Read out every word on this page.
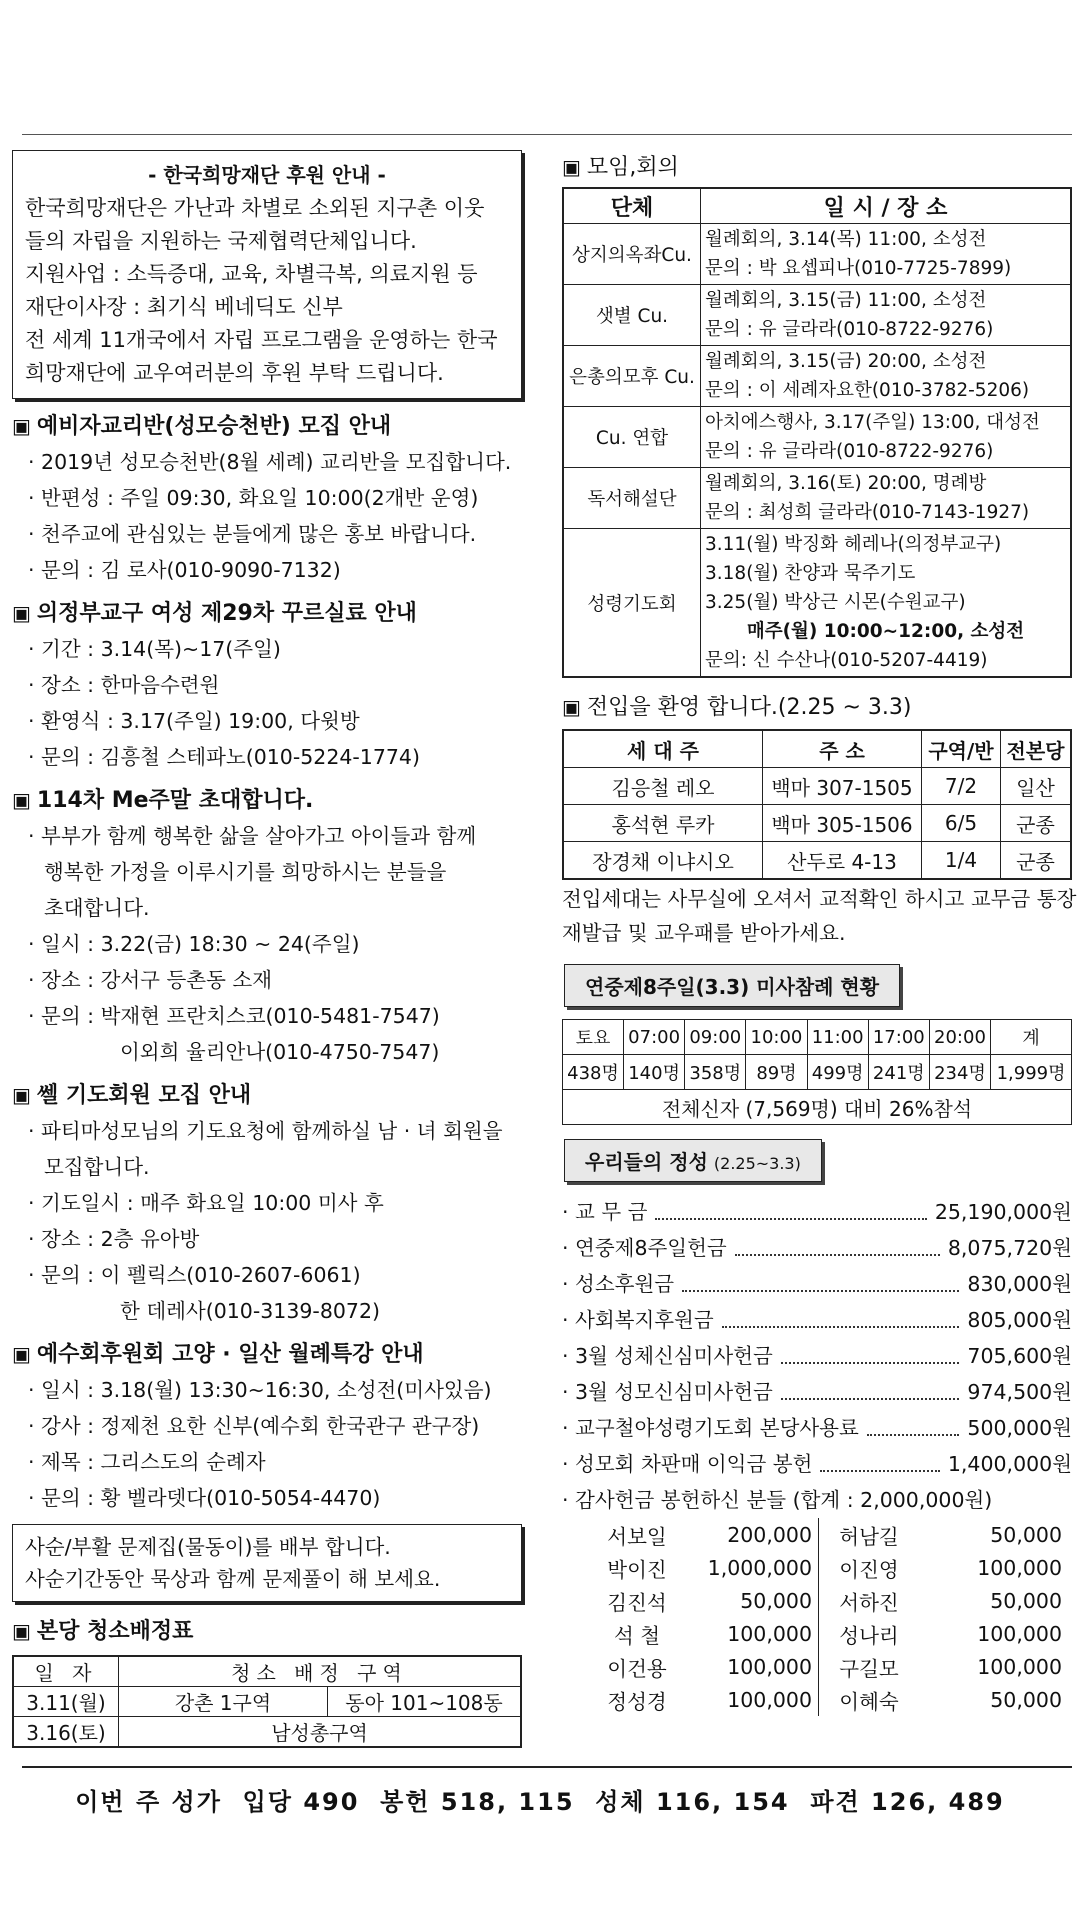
- 한국희망재단 후원 안내 -

한국희망재단은 가난과 차별로 소외된 지구촌 이웃

들의 자립을 지원하는 국제협력단체입니다.

지원사업 : 소득증대, 교육, 차별극복, 의료지원 등

재단이사장 : 최기식 베네딕도 신부

전 세계 11개국에서 자립 프로그램을 운영하는 한국

희망재단에 교우여러분의 후원 부탁 드립니다.

▣ 예비자교리반(성모승천반) 모집 안내
· 2019년 성모승천반(8월 세례) 교리반을 모집합니다.
· 반편성 : 주일 09:30, 화요일 10:00(2개반 운영)
· 천주교에 관심있는 분들에게 많은 홍보 바랍니다.
· 문의 : 김 로사(010-9090-7132)
▣ 의정부교구 여성 제29차 꾸르실료 안내
· 기간 : 3.14(목)~17(주일)
· 장소 : 한마음수련원
· 환영식 : 3.17(주일) 19:00, 다윗방
· 문의 : 김흥철 스테파노(010-5224-1774)
▣ 114차 Me주말 초대합니다.
· 부부가 함께 행복한 삶을 살아가고 아이들과 함께
행복한 가정을 이루시기를 희망하시는 분들을
초대합니다.
· 일시 : 3.22(금) 18:30 ~ 24(주일)
· 장소 : 강서구 등촌동 소재
· 문의 : 박재현 프란치스코(010-5481-7547)
이외희 율리안나(010-4750-7547)
▣ 쎌 기도회원 모집 안내
· 파티마성모님의 기도요청에 함께하실 남 · 녀 회원을
모집합니다.
· 기도일시 : 매주 화요일 10:00 미사 후
· 장소 : 2층 유아방
· 문의 : 이 펠릭스(010-2607-6061)
한 데레사(010-3139-8072)
▣ 예수회후원회 고양 · 일산 월례특강 안내
· 일시 : 3.18(월) 13:30~16:30, 소성전(미사있음)
· 강사 : 정제천 요한 신부(예수회 한국관구 관구장)
· 제목 : 그리스도의 순례자
· 문의 : 황 벨라뎃다(010-5054-4470)

사순/부활 문제집(물동이)를 배부 합니다.

사순기간동안 묵상과 함께 문제풀이 해 보세요.

▣ 본당 청소배정표
일 자	청소 배정 구역	
3.11(월)	강촌 1구역	동아 101~108동
3.16(토)	남성총구역	
▣ 모임,회의
단체	일 시 / 장 소
상지의옥좌Cu.	월례회의, 3.14(목) 11:00, 소성전
문의 : 박 요셉피나(010-7725-7899)

샛별 Cu.	월례회의, 3.15(금) 11:00, 소성전
문의 : 유 글라라(010-8722-9276)

은총의모후 Cu.	월례회의, 3.15(금) 20:00, 소성전
문의 : 이 세례자요한(010-3782-5206)

Cu. 연합	아치에스행사, 3.17(주일) 13:00, 대성전
문의 : 유 글라라(010-8722-9276)

독서해설단	월례회의, 3.16(토) 20:00, 명례방
문의 : 최성희 글라라(010-7143-1927)

성령기도회	3.11(월) 박징화 헤레나(의정부교구)
3.18(월) 찬양과 묵주기도
3.25(월) 박상근 시몬(수원교구)
매주(월) 10:00~12:00, 소성전
문의: 신 수산나(010-5207-4419)
▣ 전입을 환영 합니다.(2.25 ~ 3.3)
세 대 주	주 소	구역/반	전본당
김응철 레오	백마 307-1505	7/2	일산
홍석현 루카	백마 305-1506	6/5	군종
장경채 이냐시오	산두로 4-13	1/4	군종
전입세대는 사무실에 오셔서 교적확인 하시고 교무금 통장
재발급 및 교우패를 받아가세요.
연중제8주일(3.3) 미사참례 현황
토요	07:00	09:00	10:00	11:00	17:00	20:00	계
438명	140명	358명	89명	499명	241명	234명	1,999명
전체신자 (7,569명) 대비 26%참석							
우리들의 정성 (2.25~3.3)
· 교 무 금	25,190,000원
· 연중제8주일헌금	8,075,720원
· 성소후원금	830,000원
· 사회복지후원금	805,000원
· 3월 성체신심미사헌금	705,600원
· 3월 성모신심미사헌금	974,500원
· 교구철야성령기도회 본당사용료	500,000원
· 성모회 차판매 이익금 봉헌	1,400,000원
· 감사헌금 봉헌하신 분들 (합계 : 2,000,000원)
서보일	200,000	허남길	50,000
박이진	1,000,000	이진영	100,000
김진석	50,000	서하진	50,000
석 철	100,000	성나리	100,000
이건용	100,000	구길모	100,000
정성경	100,000	이혜숙	50,000
이번 주 성가  입당 490  봉헌 518, 115  성체 116, 154  파견 126, 489
